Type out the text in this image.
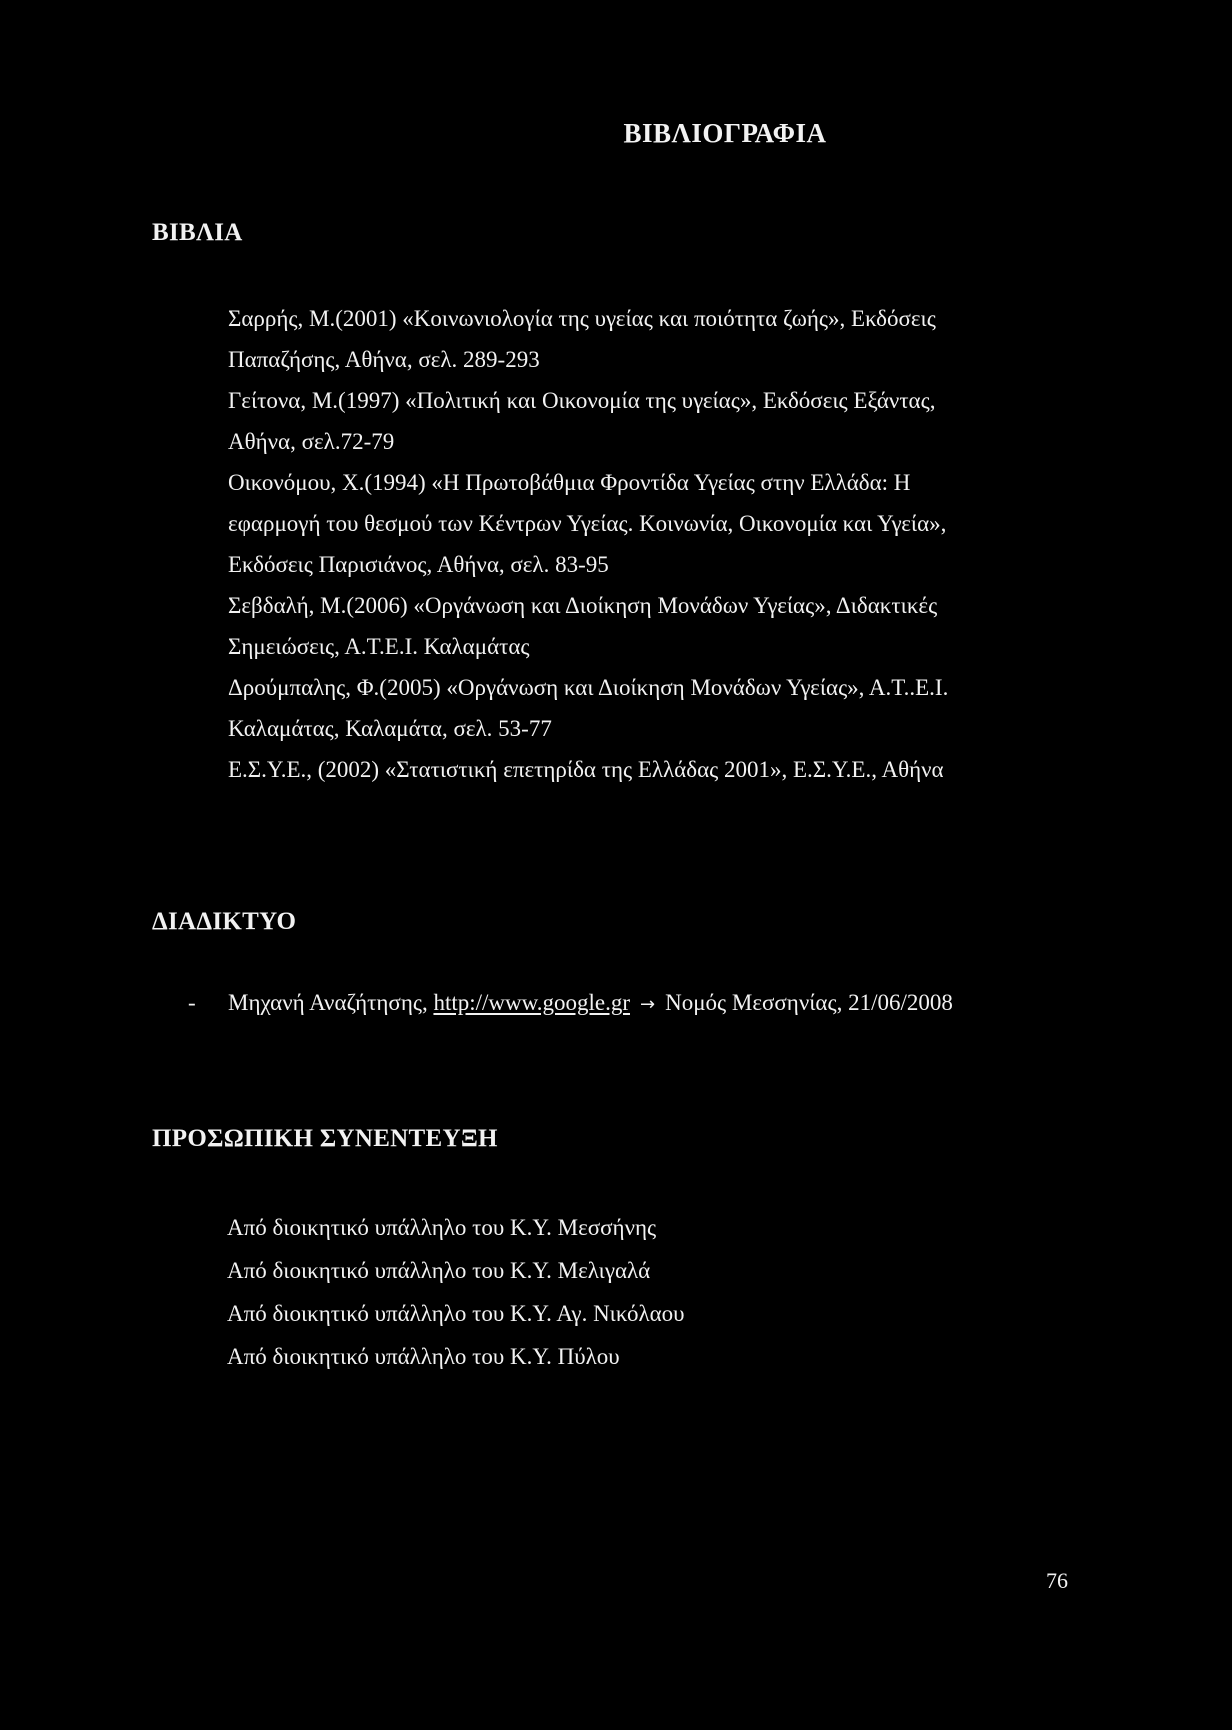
ΒΙΒΛΙΟΓΡΑΦΙΑ
ΒΙΒΛΙΑ
Σαρρής, Μ.(2001) «Κοινωνιολογία της υγείας και ποιότητα ζωής», Εκδόσεις
Παπαζήσης, Αθήνα, σελ. 289-293
Γείτονα, Μ.(1997) «Πολιτική και Οικονομία της υγείας», Εκδόσεις Εξάντας,
Αθήνα, σελ.72-79
Οικονόμου, Χ.(1994) «Η Πρωτοβάθμια Φροντίδα Υγείας στην Ελλάδα: Η
εφαρμογή του θεσμού των Κέντρων Υγείας. Κοινωνία, Οικονομία και Υγεία»,
Εκδόσεις Παρισιάνος, Αθήνα, σελ. 83-95
Σεβδαλή, Μ.(2006) «Οργάνωση και Διοίκηση Μονάδων Υγείας», Διδακτικές
Σημειώσεις, Α.Τ.Ε.Ι. Καλαμάτας
Δρούμπαλης, Φ.(2005) «Οργάνωση και Διοίκηση Μονάδων Υγείας», Α.Τ..Ε.Ι.
Καλαμάτας, Καλαμάτα, σελ. 53-77
Ε.Σ.Υ.Ε., (2002) «Στατιστική επετηρίδα της Ελλάδας 2001», Ε.Σ.Υ.Ε., Αθήνα
ΔΙΑΔΙΚΤΥΟ
-	Μηχανή Αναζήτησης, http://www.google.gr → Νομός Μεσσηνίας, 21/06/2008
ΠΡΟΣΩΠΙΚΗ ΣΥΝΕΝΤΕΥΞΗ
Από διοικητικό υπάλληλο του Κ.Υ. Μεσσήνης
Από διοικητικό υπάλληλο του Κ.Υ. Μελιγαλά
Από διοικητικό υπάλληλο του Κ.Υ. Αγ. Νικόλαου
Από διοικητικό υπάλληλο του Κ.Υ. Πύλου
76
